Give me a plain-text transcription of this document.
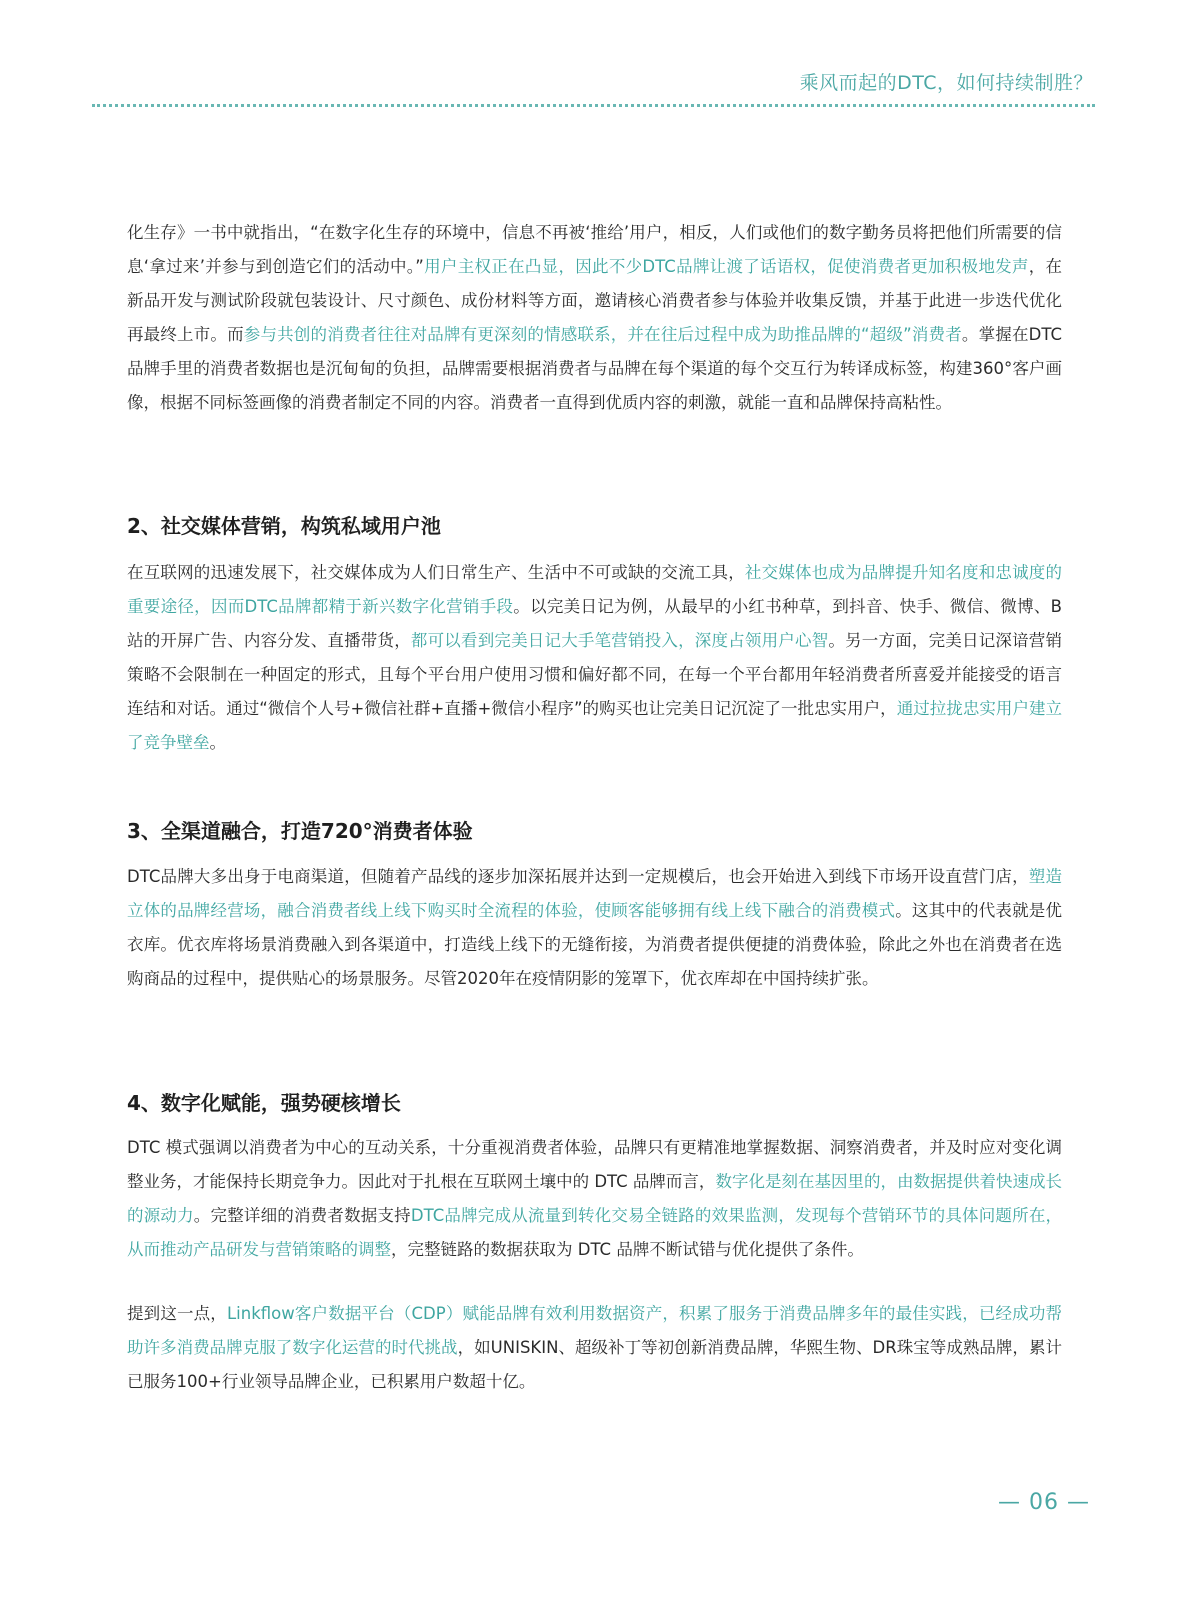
乘风而起的DTC，如何持续制胜？

化生存》一书中就指出，“在数字化生存的环境中，信息不再被‘推给’用户，相反，人们或他们的数字勤务员将把他们所需要的信息‘拿过来’并参与到创造它们的活动中。”用户主权正在凸显，因此不少DTC品牌让渡了话语权，促使消费者更加积极地发声，在新品开发与测试阶段就包装设计、尺寸颜色、成份材料等方面，邀请核心消费者参与体验并收集反馈，并基于此进一步迭代优化再最终上市。而参与共创的消费者往往对品牌有更深刻的情感联系，并在往后过程中成为助推品牌的“超级”消费者。掌握在DTC品牌手里的消费者数据也是沉甸甸的负担，品牌需要根据消费者与品牌在每个渠道的每个交互行为转译成标签，构建360°客户画像，根据不同标签画像的消费者制定不同的内容。消费者一直得到优质内容的刺激，就能一直和品牌保持高粘性。

2、社交媒体营销，构筑私域用户池

在互联网的迅速发展下，社交媒体成为人们日常生产、生活中不可或缺的交流工具，社交媒体也成为品牌提升知名度和忠诚度的重要途径，因而DTC品牌都精于新兴数字化营销手段。以完美日记为例，从最早的小红书种草，到抖音、快手、微信、微博、B站的开屏广告、内容分发、直播带货，都可以看到完美日记大手笔营销投入，深度占领用户心智。另一方面，完美日记深谙营销策略不会限制在一种固定的形式，且每个平台用户使用习惯和偏好都不同，在每一个平台都用年轻消费者所喜爱并能接受的语言连结和对话。通过“微信个人号+微信社群+直播+微信小程序”的购买也让完美日记沉淀了一批忠实用户，通过拉拢忠实用户建立了竞争壁垒。

3、全渠道融合，打造720°消费者体验

DTC品牌大多出身于电商渠道，但随着产品线的逐步加深拓展并达到一定规模后，也会开始进入到线下市场开设直营门店，塑造立体的品牌经营场，融合消费者线上线下购买时全流程的体验，使顾客能够拥有线上线下融合的消费模式。这其中的代表就是优衣库。优衣库将场景消费融入到各渠道中，打造线上线下的无缝衔接，为消费者提供便捷的消费体验，除此之外也在消费者在选购商品的过程中，提供贴心的场景服务。尽管2020年在疫情阴影的笼罩下，优衣库却在中国持续扩张。

4、数字化赋能，强势硬核增长

DTC 模式强调以消费者为中心的互动关系，十分重视消费者体验，品牌只有更精准地掌握数据、洞察消费者，并及时应对变化调整业务，才能保持长期竞争力。因此对于扎根在互联网土壤中的 DTC 品牌而言，数字化是刻在基因里的，由数据提供着快速成长的源动力。完整详细的消费者数据支持DTC品牌完成从流量到转化交易全链路的效果监测，发现每个营销环节的具体问题所在，从而推动产品研发与营销策略的调整，完整链路的数据获取为 DTC 品牌不断试错与优化提供了条件。

提到这一点，Linkflow客户数据平台（CDP）赋能品牌有效利用数据资产，积累了服务于消费品牌多年的最佳实践，已经成功帮助许多消费品牌克服了数字化运营的时代挑战，如UNISKIN、超级补丁等初创新消费品牌，华熙生物、DR珠宝等成熟品牌，累计已服务100+行业领导品牌企业，已积累用户数超十亿。

— 06 —
